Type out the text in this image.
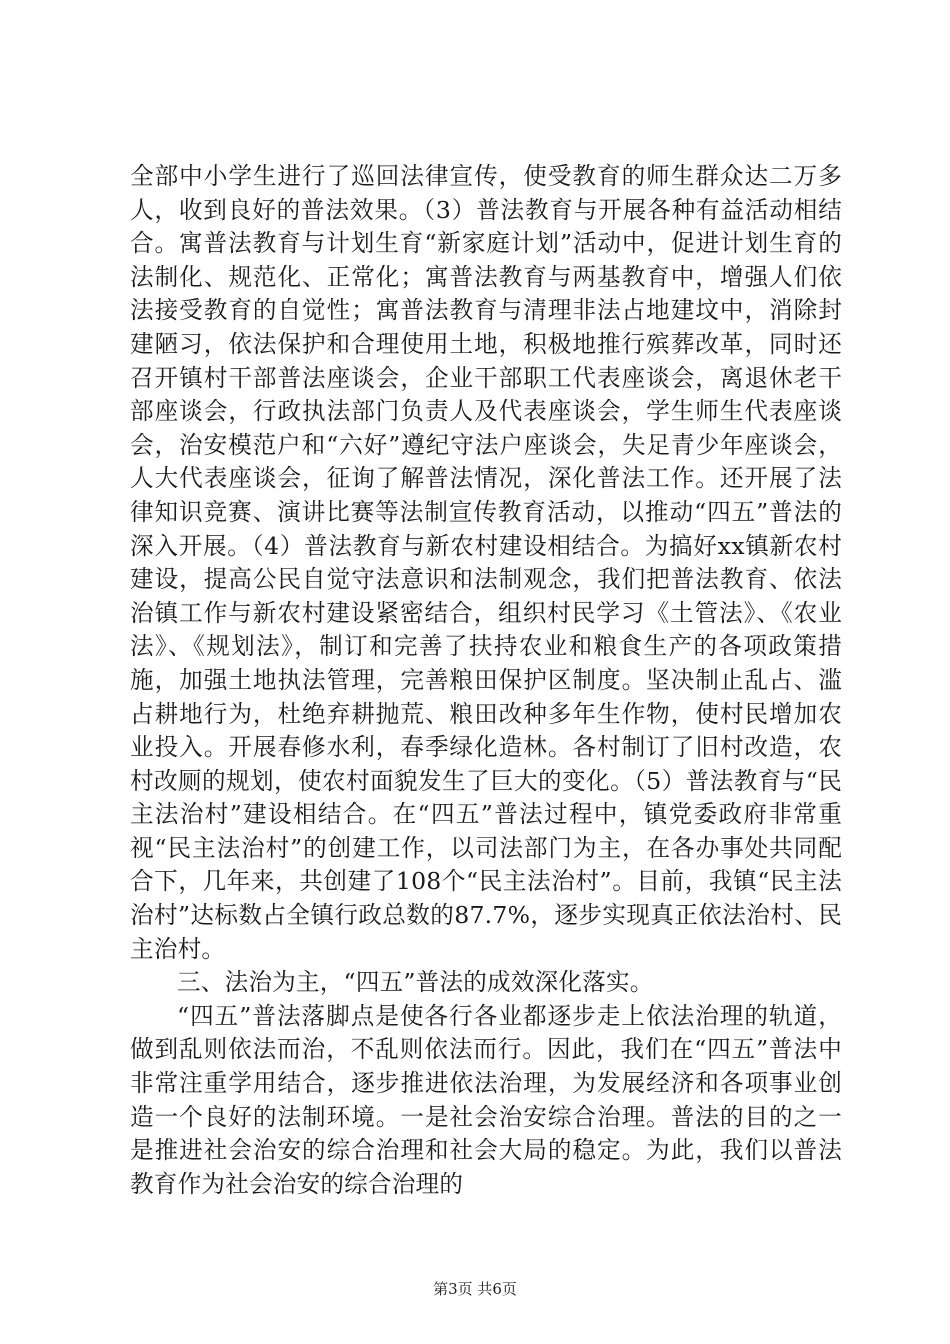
全部中小学生进行了巡回法律宣传，使受教育的师生群众达二万多人，收到良好的普法效果。（3）普法教育与开展各种有益活动相结合。寓普法教育与计划生育“新家庭计划”活动中，促进计划生育的法制化、规范化、正常化；寓普法教育与两基教育中，增强人们依法接受教育的自觉性；寓普法教育与清理非法占地建坟中，消除封建陋习，依法保护和合理使用土地，积极地推行殡葬改革，同时还召开镇村干部普法座谈会，企业干部职工代表座谈会，离退休老干部座谈会，行政执法部门负责人及代表座谈会，学生师生代表座谈会，治安模范户和“六好”遵纪守法户座谈会，失足青少年座谈会，人大代表座谈会，征询了解普法情况，深化普法工作。还开展了法律知识竞赛、演讲比赛等法制宣传教育活动，以推动“四五”普法的深入开展。（4）普法教育与新农村建设相结合。为搞好xx镇新农村建设，提高公民自觉守法意识和法制观念，我们把普法教育、依法治镇工作与新农村建设紧密结合，组织村民学习《土管法》、《农业法》、《规划法》，制订和完善了扶持农业和粮食生产的各项政策措施，加强土地执法管理，完善粮田保护区制度。坚决制止乱占、滥占耕地行为，杜绝弃耕抛荒、粮田改种多年生作物，使村民增加农业投入。开展春修水利，春季绿化造林。各村制订了旧村改造，农村改厕的规划，使农村面貌发生了巨大的变化。（5）普法教育与“民主法治村”建设相结合。在“四五”普法过程中，镇党委政府非常重视“民主法治村”的创建工作，以司法部门为主，在各办事处共同配合下，几年来，共创建了108个“民主法治村”。目前，我镇“民主法治村”达标数占全镇行政总数的87.7%，逐步实现真正依法治村、民主治村。

三、法治为主，“四五”普法的成效深化落实。

“四五”普法落脚点是使各行各业都逐步走上依法治理的轨道，做到乱则依法而治，不乱则依法而行。因此，我们在“四五”普法中非常注重学用结合，逐步推进依法治理，为发展经济和各项事业创造一个良好的法制环境。一是社会治安综合治理。普法的目的之一是推进社会治安的综合治理和社会大局的稳定。为此，我们以普法教育作为社会治安的综合治理的

第3页 共6页
